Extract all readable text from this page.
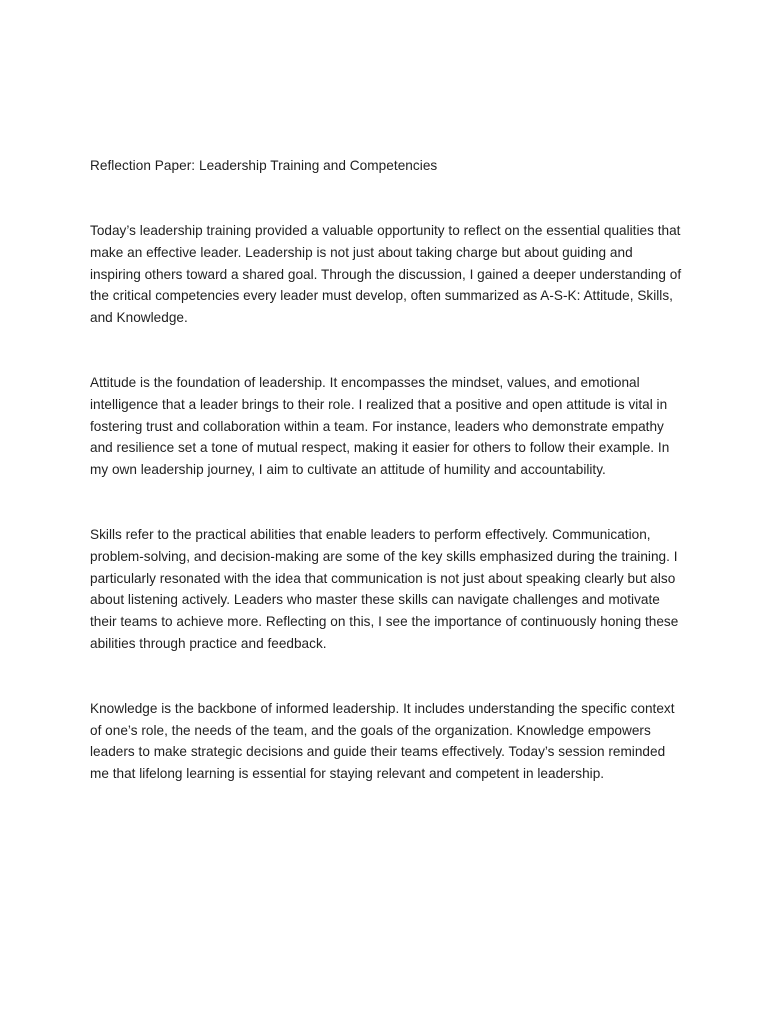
Reflection Paper: Leadership Training and Competencies

Today’s leadership training provided a valuable opportunity to reflect on the essential qualities that make an effective leader. Leadership is not just about taking charge but about guiding and inspiring others toward a shared goal. Through the discussion, I gained a deeper understanding of the critical competencies every leader must develop, often summarized as A-S-K: Attitude, Skills, and Knowledge.

Attitude is the foundation of leadership. It encompasses the mindset, values, and emotional intelligence that a leader brings to their role. I realized that a positive and open attitude is vital in fostering trust and collaboration within a team. For instance, leaders who demonstrate empathy and resilience set a tone of mutual respect, making it easier for others to follow their example. In my own leadership journey, I aim to cultivate an attitude of humility and accountability.

Skills refer to the practical abilities that enable leaders to perform effectively. Communication, problem-solving, and decision-making are some of the key skills emphasized during the training. I particularly resonated with the idea that communication is not just about speaking clearly but also about listening actively. Leaders who master these skills can navigate challenges and motivate their teams to achieve more. Reflecting on this, I see the importance of continuously honing these abilities through practice and feedback.

Knowledge is the backbone of informed leadership. It includes understanding the specific context of one’s role, the needs of the team, and the goals of the organization. Knowledge empowers leaders to make strategic decisions and guide their teams effectively. Today’s session reminded me that lifelong learning is essential for staying relevant and competent in leadership.
